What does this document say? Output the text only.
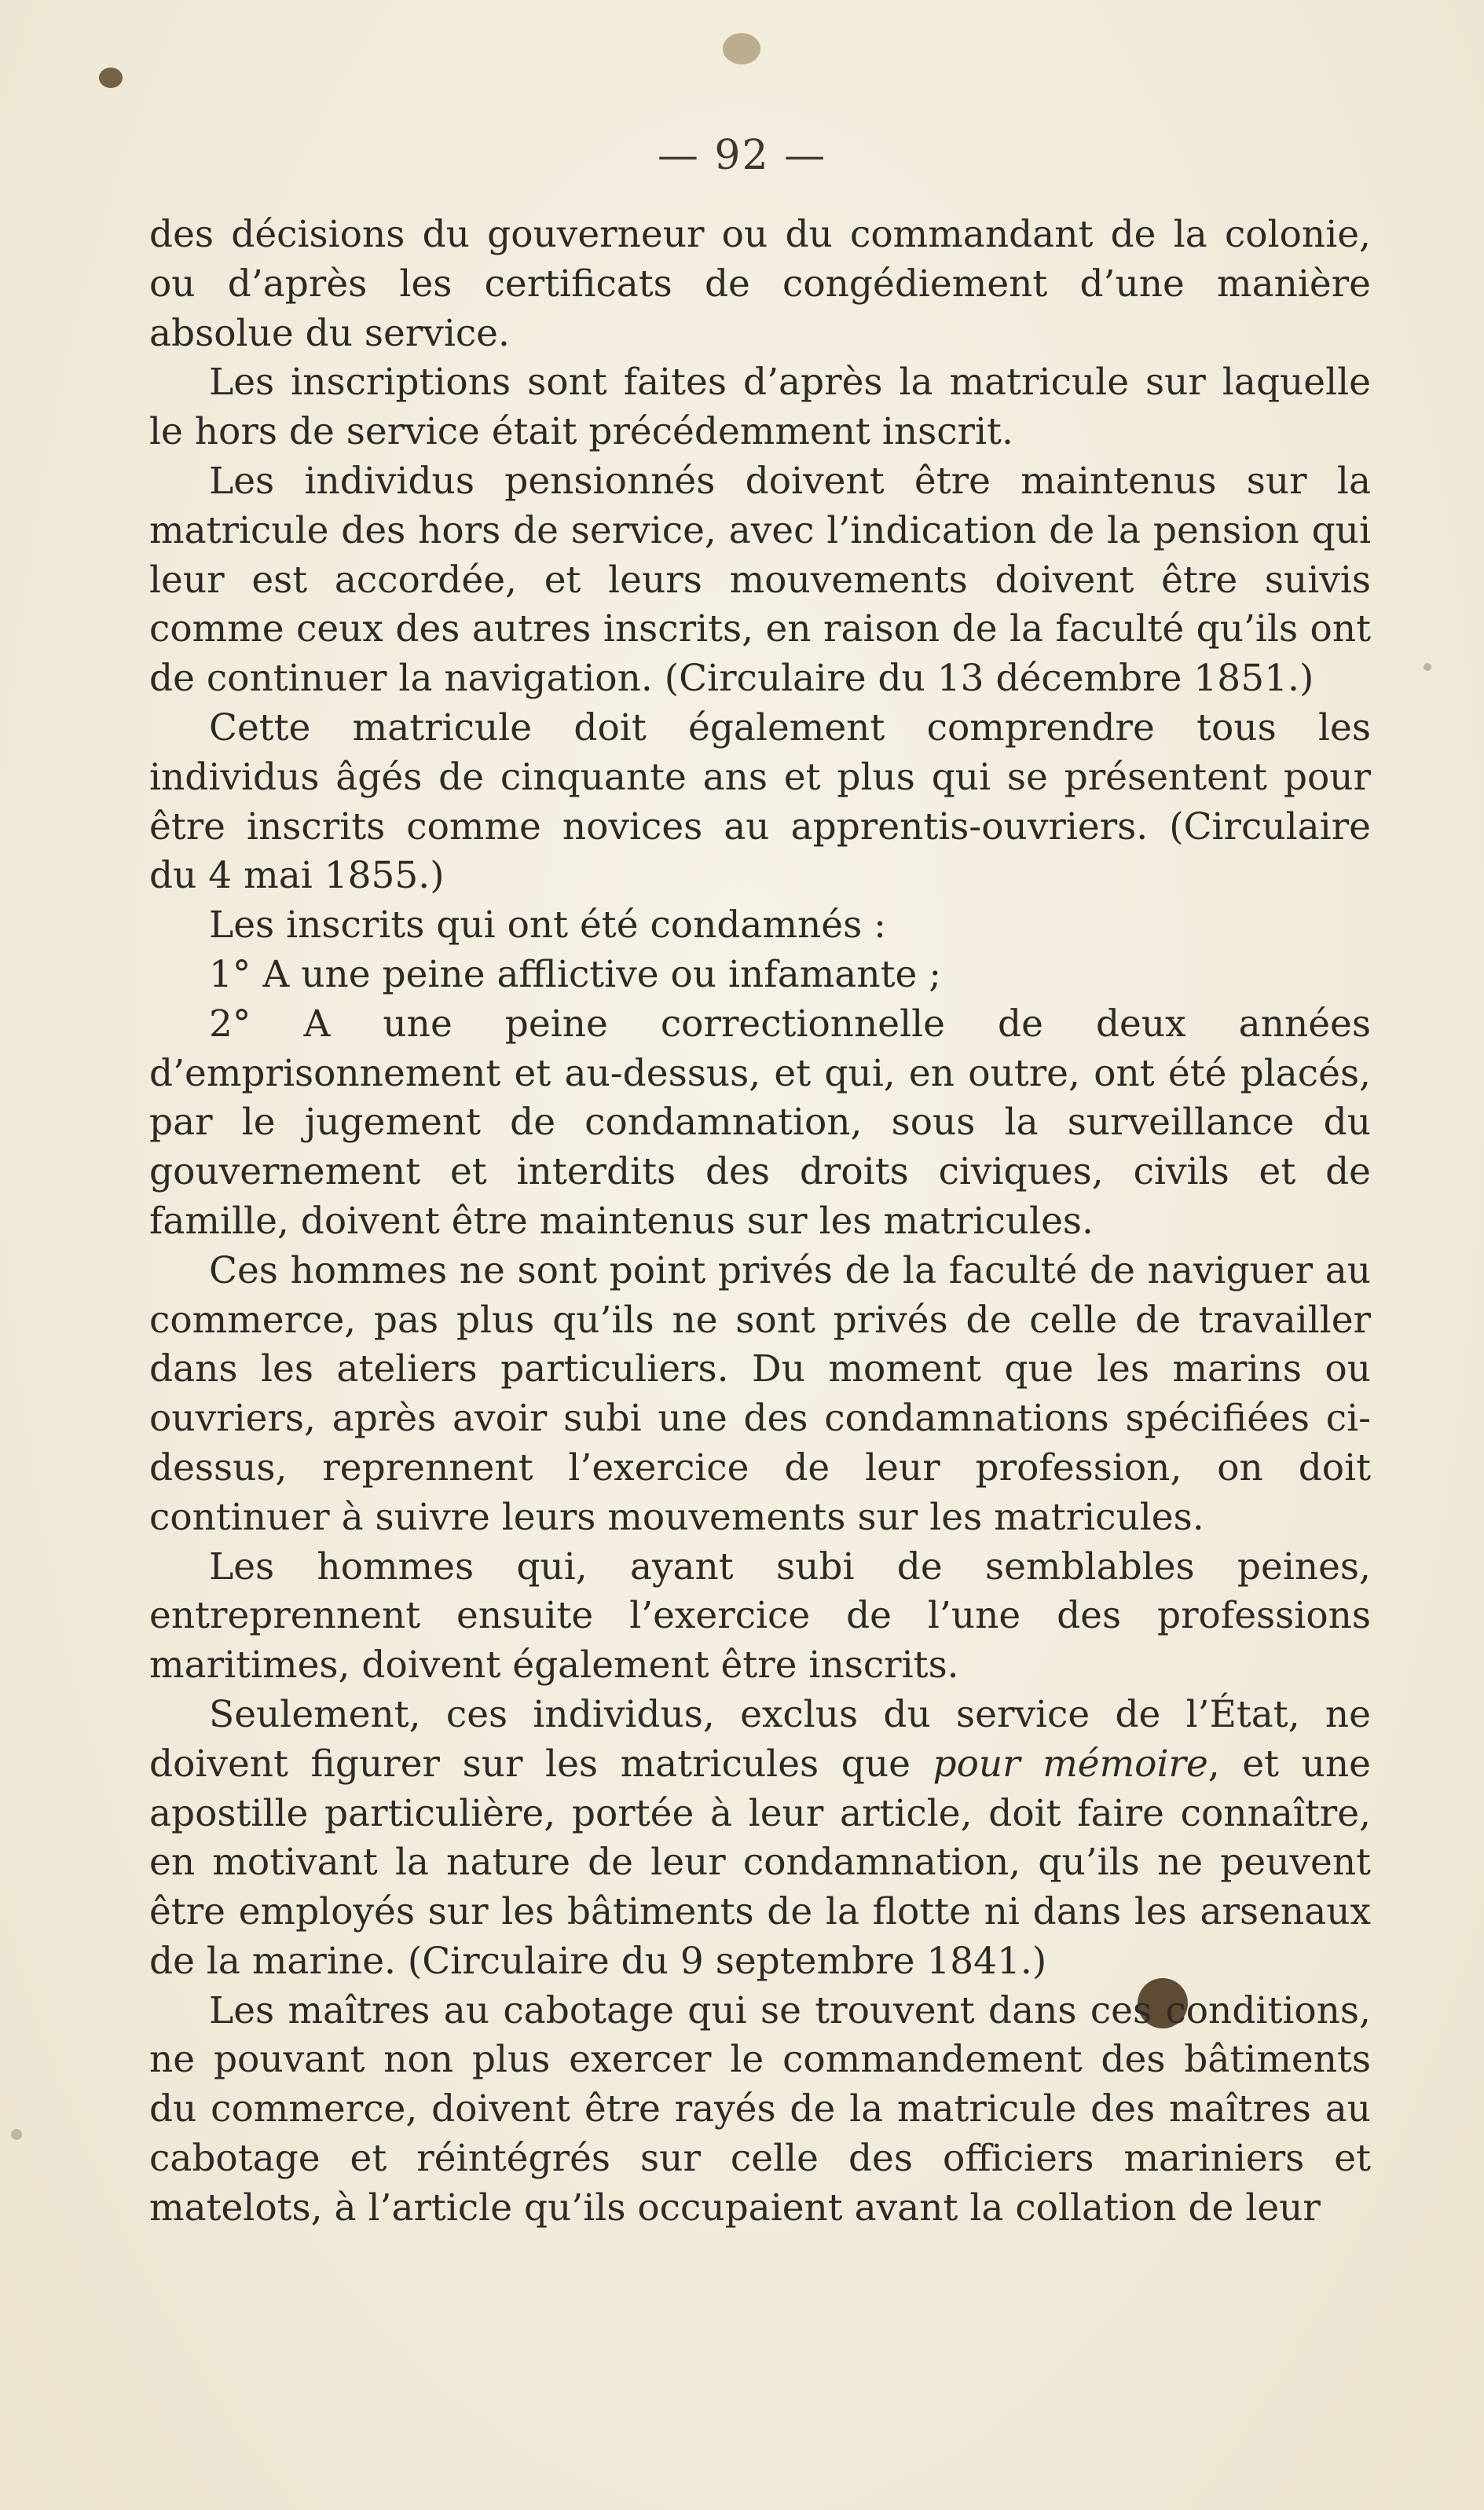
— 92 —

des décisions du gouverneur ou du commandant de la colonie, ou d’après les certificats de congédiement d’une manière absolue du service.

Les inscriptions sont faites d’après la matricule sur laquelle le hors de service était précédemment inscrit.

Les individus pensionnés doivent être maintenus sur la matricule des hors de service, avec l’indication de la pension qui leur est accordée, et leurs mouvements doivent être suivis comme ceux des autres inscrits, en raison de la faculté qu’ils ont de continuer la navigation. (Circulaire du 13 décembre 1851.)

Cette matricule doit également comprendre tous les individus âgés de cinquante ans et plus qui se présentent pour être inscrits comme novices au apprentis-ouvriers. (Circulaire du 4 mai 1855.)

Les inscrits qui ont été condamnés :

1° A une peine afflictive ou infamante ;

2° A une peine correctionnelle de deux années d’emprisonnement et au-dessus, et qui, en outre, ont été placés, par le jugement de condamnation, sous la surveillance du gouvernement et interdits des droits civiques, civils et de famille, doivent être maintenus sur les matricules.

Ces hommes ne sont point privés de la faculté de naviguer au commerce, pas plus qu’ils ne sont privés de celle de travailler dans les ateliers particuliers. Du moment que les marins ou ouvriers, après avoir subi une des condamnations spécifiées ci-dessus, reprennent l’exercice de leur profession, on doit continuer à suivre leurs mouvements sur les matricules.

Les hommes qui, ayant subi de semblables peines, entreprennent ensuite l’exercice de l’une des professions maritimes, doivent également être inscrits.

Seulement, ces individus, exclus du service de l’État, ne doivent figurer sur les matricules que pour mémoire, et une apostille particulière, portée à leur article, doit faire connaître, en motivant la nature de leur condamnation, qu’ils ne peuvent être employés sur les bâtiments de la flotte ni dans les arsenaux de la marine. (Circulaire du 9 septembre 1841.)

Les maîtres au cabotage qui se trouvent dans ces conditions, ne pouvant non plus exercer le commandement des bâtiments du commerce, doivent être rayés de la matricule des maîtres au cabotage et réintégrés sur celle des officiers mariniers et matelots, à l’article qu’ils occupaient avant la collation de leur
